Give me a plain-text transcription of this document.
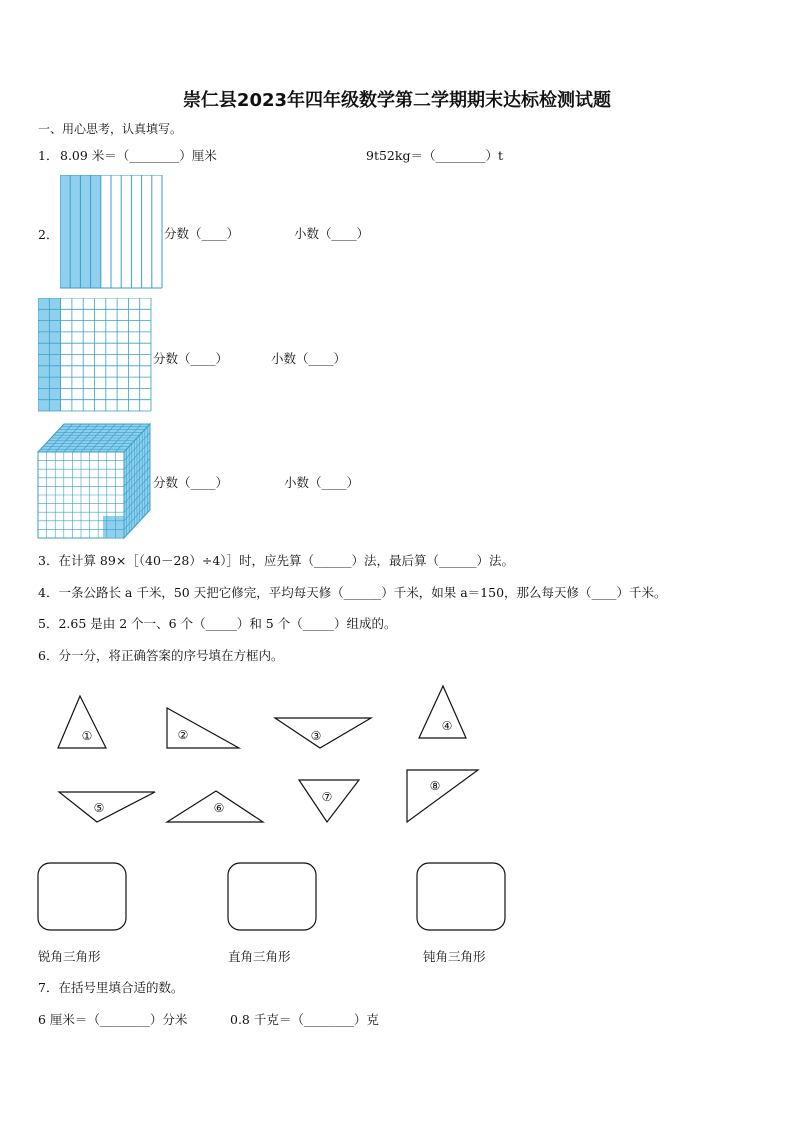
崇仁县2023年四年级数学第二学期期末达标检测试题
一、用心思考，认真填写。
1． 8.09 米＝（________）厘米	9t52kg＝（________）t
2．	分数（____）	小数（____）
分数（____）	小数（____）
分数（____）	小数（____）
3．在计算 89×［（40－28）÷4）］时，应先算（______）法，最后算（______）法。
4．一条公路长 a 千米，50 天把它修完，平均每天修（______）千米，如果 a＝150，那么每天修（____）千米。
5．2.65 是由 2 个一、6 个（_____）和 5 个（_____）组成的。
6．分一分，将正确答案的序号填在方框内。
①	②	③
④
⑤	⑥
⑦
⑧
锐角三角形	直角三角形	钝角三角形
7．在括号里填合适的数。
6 厘米＝（________）分米	0.8 千克＝（________）克
